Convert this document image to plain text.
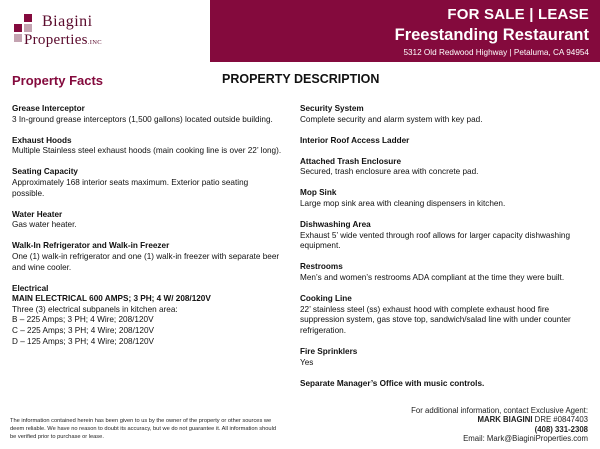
Biagini
Properties.INC
FOR SALE | LEASE
Freestanding Restaurant
5312 Old Redwood Highway | Petaluma, CA 94954
Property Facts	PROPERTY DESCRIPTION
Grease Interceptor
3 In-ground grease interceptors (1,500 gallons) located outside building.
Exhaust Hoods
Multiple Stainless steel exhaust hoods (main cooking line is over 22’ long).
Seating Capacity
Approximately 168 interior seats maximum. Exterior patio seating
possible.
Water Heater
Gas water heater.
Walk-In Refrigerator and Walk-in Freezer
One (1) walk-in refrigerator and one (1) walk-in freezer with separate beer
and wine cooler.
Electrical
MAIN ELECTRICAL 600 AMPS; 3 PH; 4 W/ 208/120V
Three (3) electrical subpanels in kitchen area:
B – 225 Amps; 3 PH; 4 Wire; 208/120V
C – 225 Amps; 3 PH; 4 Wire; 208/120V
D – 125 Amps; 3 PH; 4 Wire; 208/120V
Security System
Complete security and alarm system with key pad.
Interior Roof Access Ladder
Attached Trash Enclosure
Secured, trash enclosure area with concrete pad.
Mop Sink
Large mop sink area with cleaning dispensers in kitchen.
Dishwashing Area
Exhaust 5’ wide vented through roof allows for larger capacity dishwashing
equipment.
Restrooms
Men’s and women’s restrooms ADA compliant at the time they were built.
Cooking Line
22’ stainless steel (ss) exhaust hood with complete exhaust hood fire
suppression system, gas stove top, sandwich/salad line with under counter
refrigeration.
Fire Sprinklers
Yes
Separate Manager’s Office with music controls.
The information contained herein has been given to us by the owner of the property or other sources we deem reliable. We have no reason to doubt its accuracy, but we do not guarantee it. All information should be verified prior to purchase or lease.
For additional information, contact Exclusive Agent:
MARK BIAGINI DRE #0847403
(408) 331-2308
Email: Mark@BiaginiProperties.com
